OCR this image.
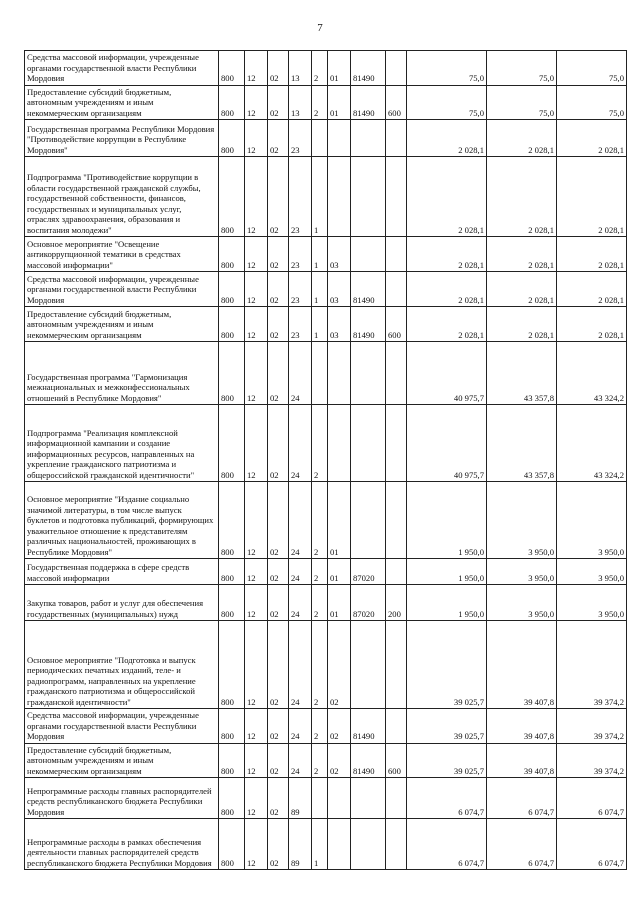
7
Средства массовой информации, учрежденные органами государственной власти Республики Мордовия	800	12	02	13	2	01	81490		75,0	75,0	75,0
Предоставление субсидий бюджетным, автономным учреждениям и иным некоммерческим организациям	800	12	02	13	2	01	81490	600	75,0	75,0	75,0
Государственная программа Республики Мордовия "Противодействие коррупции в Республике Мордовия"	800	12	02	23					2 028,1	2 028,1	2 028,1
Подпрограмма "Противодействие коррупции в области государственной гражданской службы, государственной собственности, финансов, государственных и муниципальных услуг, отраслях здравоохранения, образования и воспитания молодежи"	800	12	02	23	1				2 028,1	2 028,1	2 028,1
Основное мероприятие "Освещение антикоррупционной тематики в средствах массовой информации"	800	12	02	23	1	03			2 028,1	2 028,1	2 028,1
Средства массовой информации, учрежденные органами государственной власти Республики Мордовия	800	12	02	23	1	03	81490		2 028,1	2 028,1	2 028,1
Предоставление субсидий бюджетным, автономным учреждениям и иным некоммерческим организациям	800	12	02	23	1	03	81490	600	2 028,1	2 028,1	2 028,1
Государственная программа "Гармонизация межнациональных и межконфессиональных отношений в Республике Мордовия"	800	12	02	24					40 975,7	43 357,8	43 324,2
Подпрограмма "Реализация комплексной информационной кампании и создание информационных ресурсов, направленных на укрепление гражданского патриотизма и общероссийской гражданской идентичности"	800	12	02	24	2				40 975,7	43 357,8	43 324,2
Основное мероприятие "Издание социально значимой литературы, в том числе выпуск буклетов и подготовка публикаций, формирующих уважительное отношение к представителям различных национальностей, проживающих в Республике Мордовия"	800	12	02	24	2	01			1 950,0	3 950,0	3 950,0
Государственная поддержка в сфере средств массовой информации	800	12	02	24	2	01	87020		1 950,0	3 950,0	3 950,0
Закупка товаров, работ и услуг для обеспечения государственных (муниципальных) нужд	800	12	02	24	2	01	87020	200	1 950,0	3 950,0	3 950,0
Основное мероприятие "Подготовка и выпуск периодических печатных изданий, теле- и радиопрограмм, направленных на укрепление гражданского патриотизма и общероссийской гражданской идентичности"	800	12	02	24	2	02			39 025,7	39 407,8	39 374,2
Средства массовой информации, учрежденные органами государственной власти Республики Мордовия	800	12	02	24	2	02	81490		39 025,7	39 407,8	39 374,2
Предоставление субсидий бюджетным, автономным учреждениям и иным некоммерческим организациям	800	12	02	24	2	02	81490	600	39 025,7	39 407,8	39 374,2
Непрограммные расходы главных распорядителей средств республиканского бюджета Республики Мордовия	800	12	02	89					6 074,7	6 074,7	6 074,7
Непрограммные расходы в рамках обеспечения деятельности главных распорядителей средств республиканского бюджета Республики Мордовия	800	12	02	89	1				6 074,7	6 074,7	6 074,7
